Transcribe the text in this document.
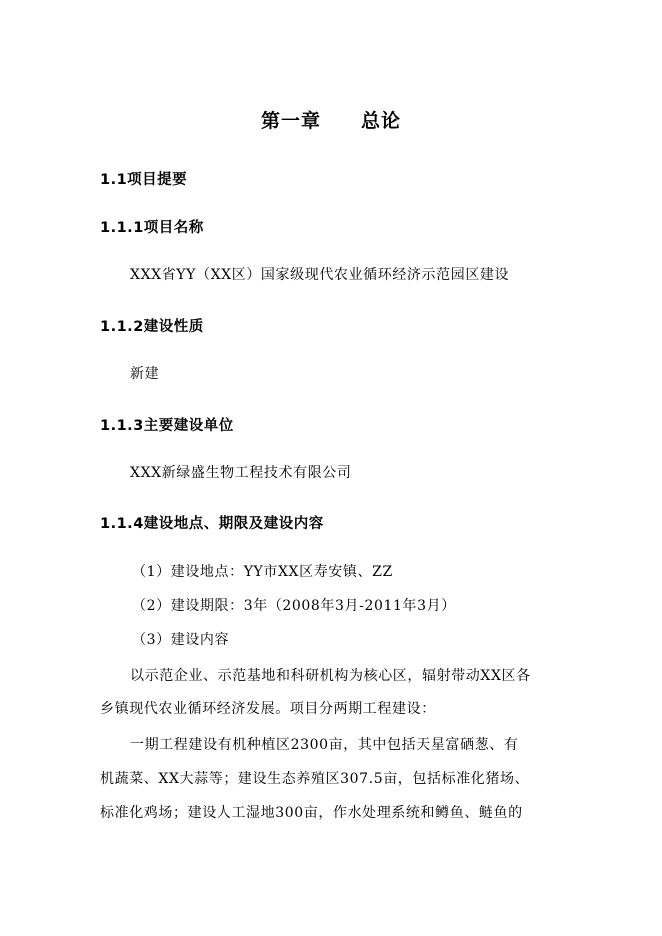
第一章　　总论
1.1项目提要
1.1.1项目名称
XXX省YY（XX区）国家级现代农业循环经济示范园区建设
1.1.2建设性质
新建
1.1.3主要建设单位
XXX新绿盛生物工程技术有限公司
1.1.4建设地点、期限及建设内容
（1）建设地点：YY市XX区寿安镇、ZZ
（2）建设期限：3年（2008年3月-2011年3月）
（3）建设内容
以示范企业、示范基地和科研机构为核心区，辐射带动XX区各
乡镇现代农业循环经济发展。项目分两期工程建设：
一期工程建设有机种植区2300亩，其中包括天星富硒葱、有
机蔬菜、XX大蒜等；建设生态养殖区307.5亩，包括标准化猪场、
标准化鸡场；建设人工湿地300亩，作水处理系统和鳟鱼、鲢鱼的
